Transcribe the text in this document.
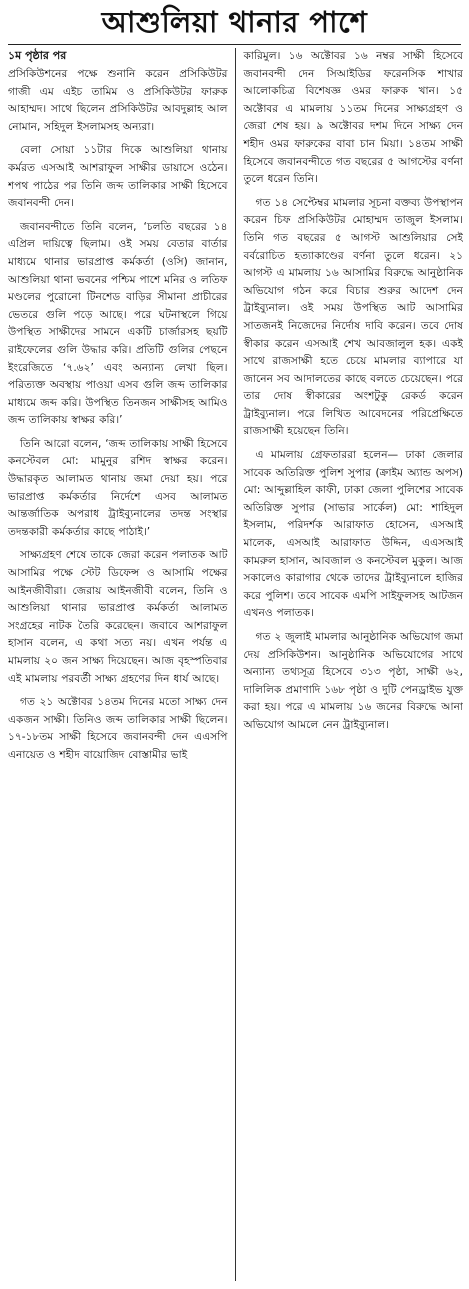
আশুলিয়া থানার পাশে
১ম পৃষ্ঠার পর

প্রসিকিউশনের পক্ষে শুনানি করেন প্রসিকিউটর গাজী এম এইচ তামিম ও প্রসিকিউটর ফারুক আহাম্মদ। সাথে ছিলেন প্রসিকিউটর আবদুল্লাহ আল নোমান, সহিদুল ইসলামসহ অন্যরা।

বেলা সোয়া ১১টার দিকে আশুলিয়া থানায় কর্মরত এসআই আশরাফুল সাক্ষীর ডায়াসে ওঠেন। শপথ পাঠের পর তিনি জব্দ তালিকার সাক্ষী হিসেবে জবানবন্দী দেন।

জবানবন্দীতে তিনি বলেন, ‘চলতি বছরের ১৪ এপ্রিল দায়িত্বে ছিলাম। ওই সময় বেতার বার্তার মাধ্যমে থানার ভারপ্রাপ্ত কর্মকর্তা (ওসি) জানান, আশুলিয়া থানা ভবনের পশ্চিম পাশে মনির ও লতিফ মণ্ডলের পুরোনো টিনশেড বাড়ির সীমানা প্রাচীরের ভেতরে গুলি পড়ে আছে। পরে ঘটনাস্থলে গিয়ে উপস্থিত সাক্ষীদের সামনে একটি চার্জারসহ ছয়টি রাইফেলের গুলি উদ্ধার করি। প্রতিটি গুলির পেছনে ইংরেজিতে ‘৭.৬২’ এবং অন্যান্য লেখা ছিল। পরিত্যক্ত অবস্থায় পাওয়া এসব গুলি জব্দ তালিকার মাধ্যমে জব্দ করি। উপস্থিত তিনজন সাক্ষীসহ আমিও জব্দ তালিকায় স্বাক্ষর করি।’

তিনি আরো বলেন, ‘জব্দ তালিকায় সাক্ষী হিসেবে কনস্টেবল মো: মামুনুর রশিদ স্বাক্ষর করেন। উদ্ধারকৃত আলামত থানায় জমা দেয়া হয়। পরে ভারপ্রাপ্ত কর্মকর্তার নির্দেশে এসব আলামত আন্তর্জাতিক অপরাধ ট্রাইব্যুনালের তদন্ত সংস্থার তদন্তকারী কর্মকর্তার কাছে পাঠাই।’

সাক্ষ্যগ্রহণ শেষে তাকে জেরা করেন পলাতক আট আসামির পক্ষে স্টেট ডিফেন্স ও আসামি পক্ষের আইনজীবীরা। জেরায় আইনজীবী বলেন, তিনি ও আশুলিয়া থানার ভারপ্রাপ্ত কর্মকর্তা আলামত সংগ্রহের নাটক তৈরি করেছেন। জবাবে আশরাফুল হাসান বলেন, এ কথা সত্য নয়। এখন পর্যন্ত এ মামলায় ২০ জন সাক্ষ্য দিয়েছেন। আজ বৃহস্পতিবার এই মামলায় পরবর্তী সাক্ষ্য গ্রহণের দিন ধার্য আছে।

গত ২১ অক্টোবর ১৪তম দিনের মতো সাক্ষ্য দেন একজন সাক্ষী। তিনিও জব্দ তালিকার সাক্ষী ছিলেন। ১৭-১৮তম সাক্ষী হিসেবে জবানবন্দী দেন এএসপি এনায়েত ও শহীদ বায়োজিদ বোস্তামীর ভাই

কারিমুল। ১৬ অক্টোবর ১৬ নম্বর সাক্ষী হিসেবে জবানবন্দী দেন সিআইডির ফরেনসিক শাখার আলোকচিত্র বিশেষজ্ঞ ওমর ফারুক খান। ১৫ অক্টোবর এ মামলায় ১১তম দিনের সাক্ষ্যগ্রহণ ও জেরা শেষ হয়। ৯ অক্টোবর দশম দিনে সাক্ষ্য দেন শহীদ ওমর ফারুকের বাবা চান মিয়া। ১৪তম সাক্ষী হিসেবে জবানবন্দীতে গত বছরের ৫ আগস্টের বর্ণনা তুলে ধরেন তিনি।

গত ১৪ সেপ্টেম্বর মামলার সূচনা বক্তব্য উপস্থাপন করেন চিফ প্রসিকিউটর মোহাম্মদ তাজুল ইসলাম। তিনি গত বছরের ৫ আগস্ট আশুলিয়ার সেই বর্বরোচিত হত্যাকাণ্ডের বর্ণনা তুলে ধরেন। ২১ আগস্ট এ মামলায় ১৬ আসামির বিরুদ্ধে আনুষ্ঠানিক অভিযোগ গঠন করে বিচার শুরুর আদেশ দেন ট্রাইব্যুনাল। ওই সময় উপস্থিত আট আসামির সাতজনই নিজেদের নির্দোষ দাবি করেন। তবে দোষ স্বীকার করেন এসআই শেখ আবজালুল হক। একই সাথে রাজসাক্ষী হতে চেয়ে মামলার ব্যাপারে যা জানেন সব আদালতের কাছে বলতে চেয়েছেন। পরে তার দোষ স্বীকারের অংশটুকু রেকর্ড করেন ট্রাইব্যুনাল। পরে লিখিত আবেদনের পরিপ্রেক্ষিতে রাজসাক্ষী হয়েছেন তিনি।

এ মামলায় গ্রেফতাররা হলেন— ঢাকা জেলার সাবেক অতিরিক্ত পুলিশ সুপার (ক্রাইম অ্যান্ড অপস) মো: আব্দুল্লাহিল কাফী, ঢাকা জেলা পুলিশের সাবেক অতিরিক্ত সুপার (সাভার সার্কেল) মো: শাহিদুল ইসলাম, পরিদর্শক আরাফাত হোসেন, এসআই মালেক, এসআই আরাফাত উদ্দিন, এএসআই কামরুল হাসান, আবজাল ও কনস্টেবল মুকুল। আজ সকালেও কারাগার থেকে তাদের ট্রাইব্যুনালে হাজির করে পুলিশ। তবে সাবেক এমপি সাইফুলসহ আটজন এখনও পলাতক।

গত ২ জুলাই মামলার আনুষ্ঠানিক অভিযোগ জমা দেয় প্রসিকিউশন। আনুষ্ঠানিক অভিযোগের সাথে অন্যান্য তথ্যসূত্র হিসেবে ৩১৩ পৃষ্ঠা, সাক্ষী ৬২, দালিলিক প্রমাণাদি ১৬৮ পৃষ্ঠা ও দুটি পেনড্রাইভ যুক্ত করা হয়। পরে এ মামলায় ১৬ জনের বিরুদ্ধে আনা অভিযোগ আমলে নেন ট্রাইব্যুনাল।
